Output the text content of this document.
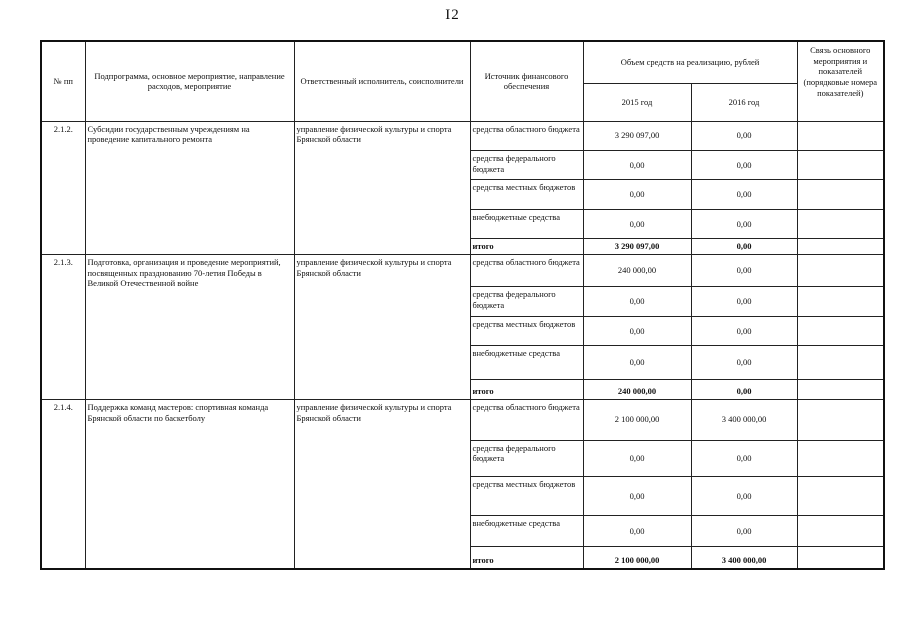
I2
№ пп	Подпрограмма, основное мероприятие, направление расходов, мероприятие	Ответственный исполнитель, соисполнители	Источник финансового обеспечения	Объем средств на реализацию, рублей		Связь основного мероприятия и показателей (порядковые номера показателей)
				2015 год	2016 год	
2.1.2.	Субсидии государственным учреждениям на проведение капитального ремонта	управление физической культуры и спорта Брянской области	средства областного бюджета	3 290 097,00	0,00	
			средства федерального бюджета	0,00	0,00	
			средства местных бюджетов	0,00	0,00	
			внебюджетные средства	0,00	0,00	
			итого	3 290 097,00	0,00	
2.1.3.	Подготовка, организация и проведение мероприятий, посвященных празднованию 70-летия Победы в Великой Отечественной войне	управление физической культуры и спорта Брянской области	средства областного бюджета	240 000,00	0,00	
			средства федерального бюджета	0,00	0,00	
			средства местных бюджетов	0,00	0,00	
			внебюджетные средства	0,00	0,00	
			итого	240 000,00	0,00	
2.1.4.	Поддержка команд мастеров: спортивная команда Брянской области по баскетболу	управление физической культуры и спорта Брянской области	средства областного бюджета	2 100 000,00	3 400 000,00	
			средства федерального бюджета	0,00	0,00	
			средства местных бюджетов	0,00	0,00	
			внебюджетные средства	0,00	0,00	
			итого	2 100 000,00	3 400 000,00	
